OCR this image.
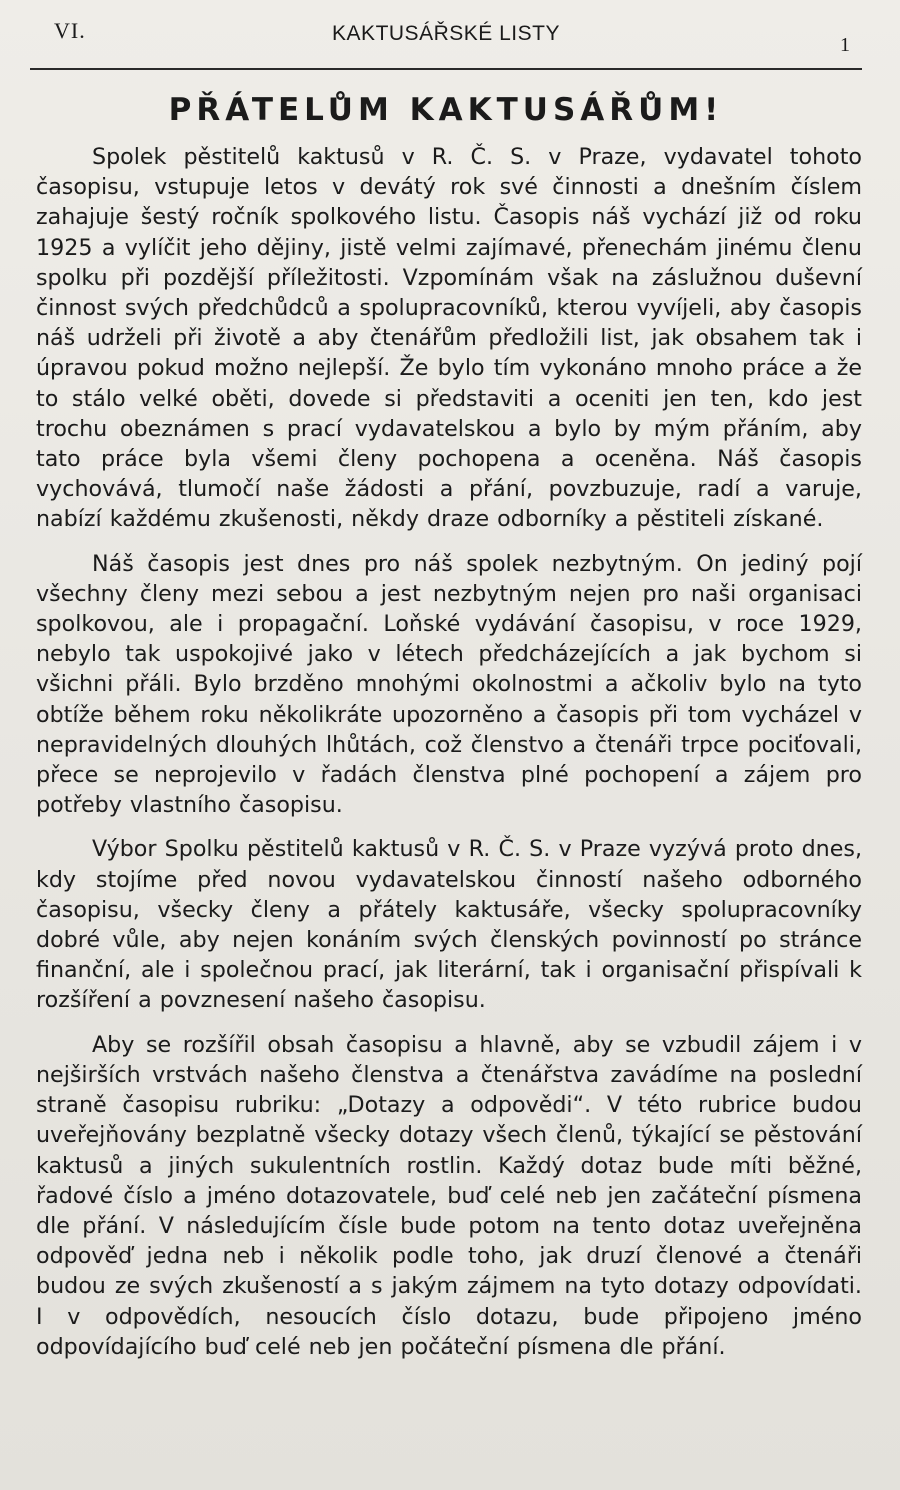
VI.	KAKTUSÁŘSKÉ LISTY	1
PŘÁTELŮM KAKTUSÁŘŮM!

Spolek pěstitelů kaktusů v R. Č. S. v Praze, vydavatel tohoto časopisu, vstupuje letos v devátý rok své činnosti a dnešním číslem zahajuje šestý ročník spolkového listu. Časopis náš vychází již od roku 1925 a vylíčit jeho dějiny, jistě velmi zajímavé, přenechám jinému členu spolku při pozdější příležitosti. Vzpomínám však na záslužnou duševní činnost svých předchůdců a spolupracovníků, kterou vyvíjeli, aby časopis náš udrželi při životě a aby čtenářům předložili list, jak obsahem tak i úpravou pokud možno nejlepší. Že bylo tím vykonáno mnoho práce a že to stálo velké oběti, dovede si představiti a oceniti jen ten, kdo jest trochu obeznámen s prací vydavatelskou a bylo by mým přáním, aby tato práce byla všemi členy pochopena a oceněna. Náš časopis vychovává, tlumočí naše žádosti a přání, povzbuzuje, radí a varuje, nabízí každému zkušenosti, někdy draze odborníky a pěstiteli získané.

Náš časopis jest dnes pro náš spolek nezbytným. On jediný pojí všechny členy mezi sebou a jest nezbytným nejen pro naši organisaci spolkovou, ale i propagační. Loňské vydávání časopisu, v roce 1929, nebylo tak uspokojivé jako v létech předcházejících a jak bychom si všichni přáli. Bylo brzděno mnohými okolnostmi a ačkoliv bylo na tyto obtíže během roku několikráte upozorněno a časopis při tom vycházel v nepravidelných dlouhých lhůtách, což členstvo a čtenáři trpce pociťovali, přece se neprojevilo v řadách členstva plné pochopení a zájem pro potřeby vlastního časopisu.

Výbor Spolku pěstitelů kaktusů v R. Č. S. v Praze vyzývá proto dnes, kdy stojíme před novou vydavatelskou činností našeho odborného časopisu, všecky členy a přátely kaktusáře, všecky spolupracovníky dobré vůle, aby nejen konáním svých členských povinností po stránce finanční, ale i společnou prací, jak literární, tak i organisační přispívali k rozšíření a povznesení našeho časopisu.

Aby se rozšířil obsah časopisu a hlavně, aby se vzbudil zájem i v nejširších vrstvách našeho členstva a čtenářstva zavádíme na poslední straně časopisu rubriku: „Dotazy a odpovědi“. V této rubrice budou uveřejňovány bezplatně všecky dotazy všech členů, týkající se pěstování kaktusů a jiných sukulentních rostlin. Každý dotaz bude míti běžné, řadové číslo a jméno dotazovatele, buď celé neb jen začáteční písmena dle přání. V následujícím čísle bude potom na tento dotaz uveřejněna odpověď jedna neb i několik podle toho, jak druzí členové a čtenáři budou ze svých zkušeností a s jakým zájmem na tyto dotazy odpovídati. I v odpovědích, nesoucích číslo dotazu, bude připojeno jméno odpovídajícího buď celé neb jen počáteční písmena dle přání.
